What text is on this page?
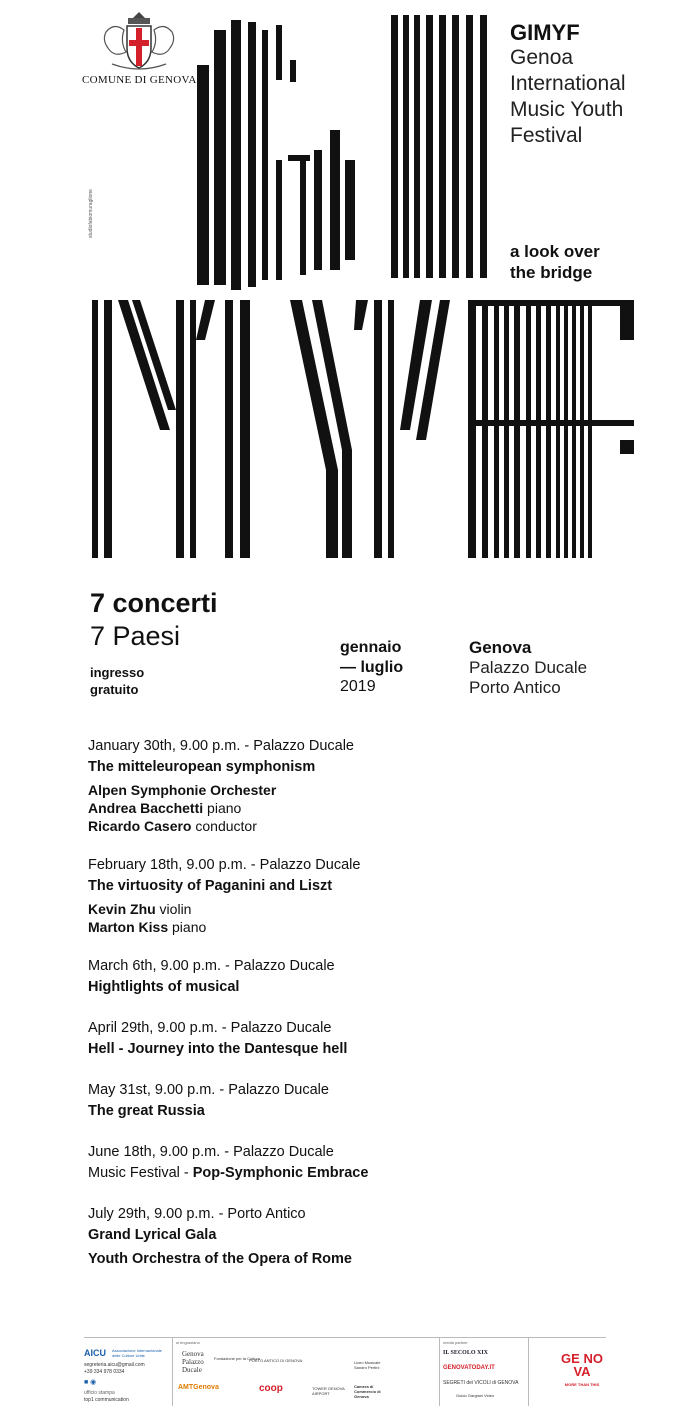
COMUNE DI GENOVA
studiofabiomuraglione
GIMYF
Genoa
International
Music Youth
Festival
a look over
the bridge
7 concerti
7 Paesi
ingresso
gratuito
gennaio
— luglio
2019
Genova
Palazzo Ducale
Porto Antico
January 30th, 9.00 p.m. - Palazzo Ducale
The mitteleuropean symphonism
Alpen Symphonie Orchester
Andrea Bacchetti piano
Ricardo Casero conductor
February 18th, 9.00 p.m. - Palazzo Ducale
The virtuosity of Paganini and Liszt
Kevin Zhu violin
Marton Kiss piano
March 6th, 9.00 p.m. - Palazzo Ducale
Hightlights of musical
April 29th, 9.00 p.m. - Palazzo Ducale
Hell - Journey into the Dantesque hell
May 31st, 9.00 p.m. - Palazzo Ducale
The great Russia
June 18th, 9.00 p.m. - Palazzo Ducale
Music Festival - Pop-Symphonic Embrace
July 29th, 9.00 p.m. - Porto Antico
Grand Lyrical Gala
Youth Orchestra of the Opera of Rome
AICU Associazione Internazionale delle Culture Unite
segreteria.aicu@gmail.com
+39 334 978 0334
■ ◉
ufficio stampa
top1 communication
si ringraziano
Genova Palazzo Ducale
Fondazione per la Cultura
PORTO ANTICO DI GENOVA
AMTGenova	coop	TOWER GENOVA AIRPORT
Liceo Musicale Sandro Pertini
Camera di Commercio di Genova
media partner
IL SECOLO XIX
GENOVATODAY.IT
SEGRETI dei VICOLI di GENOVA
Guido Gargiani Video
GE NO VA
MORE THAN THIS
